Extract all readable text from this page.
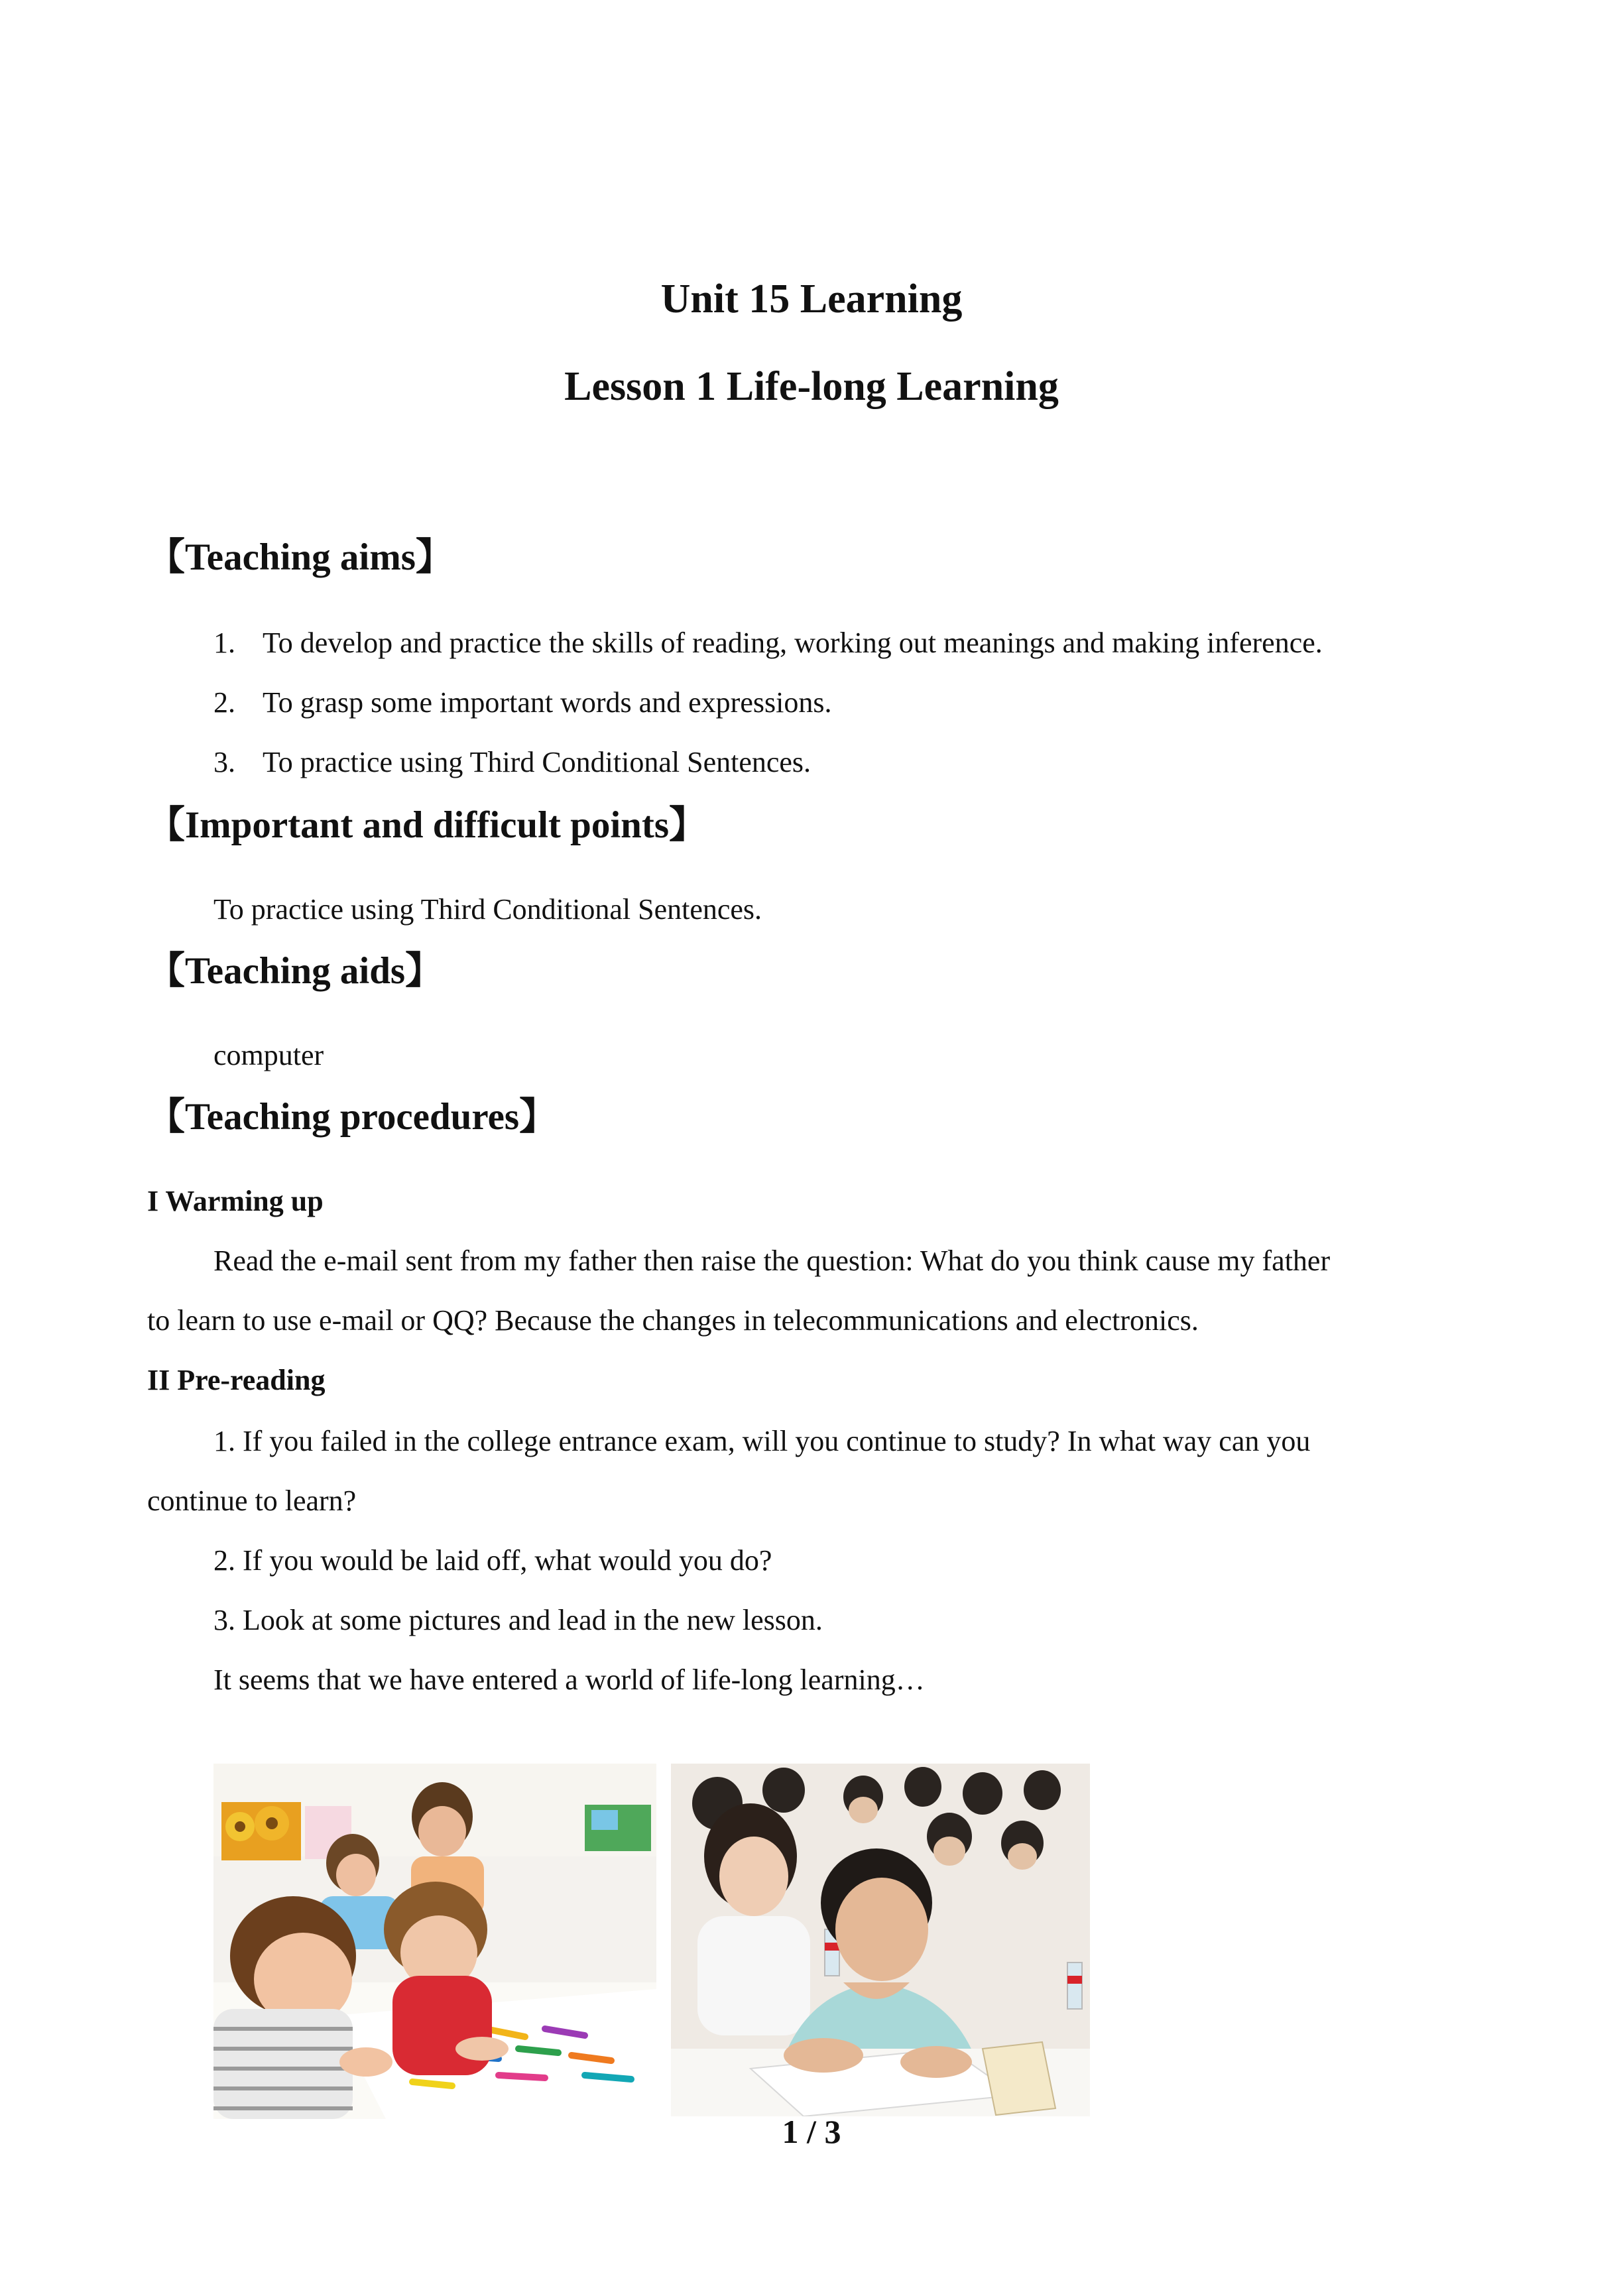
Unit 15 Learning
Lesson 1 Life-long Learning
【Teaching aims】
1. To develop and practice the skills of reading, working out meanings and making inference.
2. To grasp some important words and expressions.
3. To practice using Third Conditional Sentences.
【Important and difficult points】
To practice using Third Conditional Sentences.
【Teaching aids】
computer
【Teaching procedures】
I Warming up
Read the e-mail sent from my father then raise the question: What do you think cause my father
to learn to use e-mail or QQ? Because the changes in telecommunications and electronics.
II Pre-reading
1. If you failed in the college entrance exam, will you continue to study? In what way can you
continue to learn?
2. If you would be laid off, what would you do?
3. Look at some pictures and lead in the new lesson.
It seems that we have entered a world of life-long learning…
1 / 3
